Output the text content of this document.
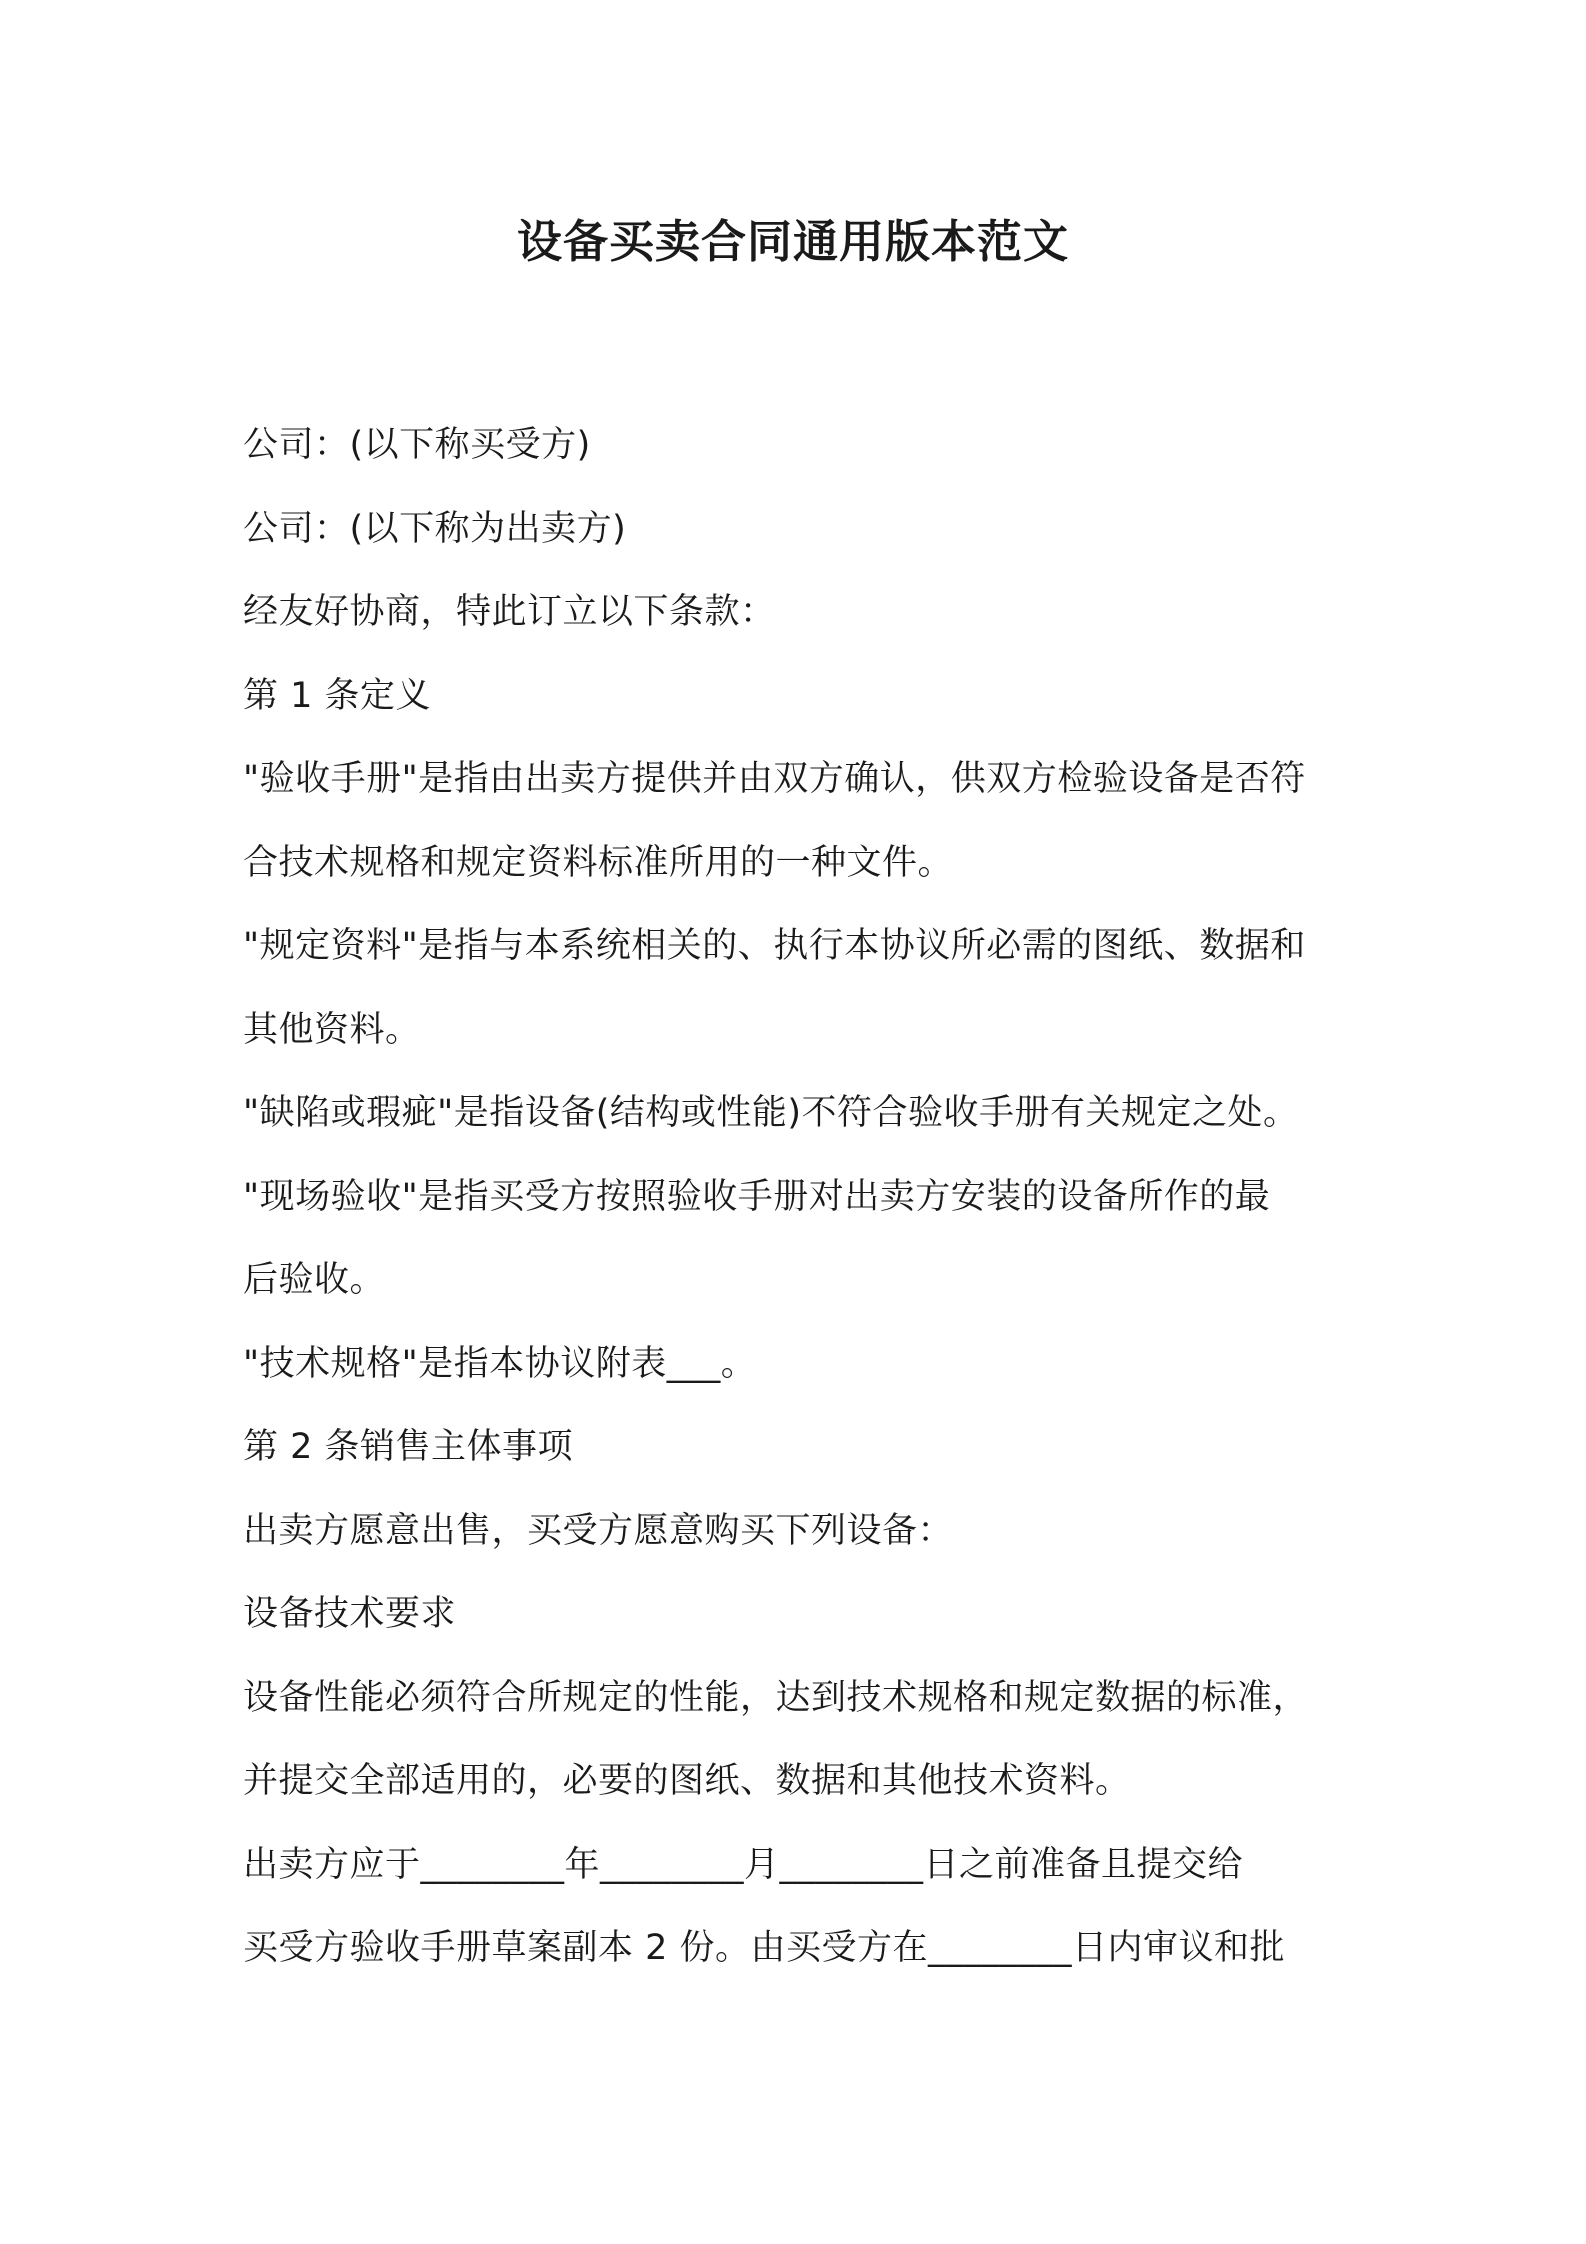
设备买卖合同通用版本范文

公司：(以下称买受方)

公司：(以下称为出卖方)

经友好协商，特此订立以下条款：

第 1 条定义

"验收手册"是指由出卖方提供并由双方确认，供双方检验设备是否符

合技术规格和规定资料标准所用的一种文件。

"规定资料"是指与本系统相关的、执行本协议所必需的图纸、数据和

其他资料。

"缺陷或瑕疵"是指设备(结构或性能)不符合验收手册有关规定之处。

"现场验收"是指买受方按照验收手册对出卖方安装的设备所作的最

后验收。

"技术规格"是指本协议附表___。

第 2 条销售主体事项

出卖方愿意出售，买受方愿意购买下列设备：

设备技术要求

设备性能必须符合所规定的性能，达到技术规格和规定数据的标准，

并提交全部适用的，必要的图纸、数据和其他技术资料。

出卖方应于________年________月________日之前准备且提交给

买受方验收手册草案副本 2 份。由买受方在________日内审议和批
